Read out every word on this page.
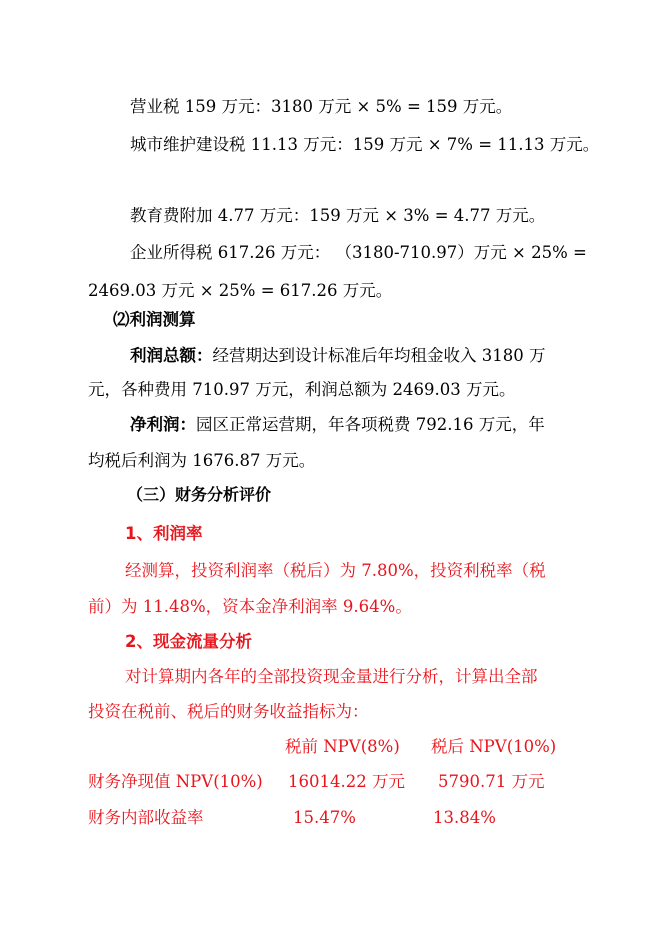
营业税 159 万元：3180 万元 × 5% = 159 万元。
城市维护建设税 11.13 万元：159 万元 × 7% = 11.13 万元。
教育费附加 4.77 万元：159 万元 × 3% = 4.77 万元。
企业所得税 617.26 万元： （3180-710.97）万元 × 25% =
2469.03 万元 × 25% = 617.26 万元。
⑵利润测算
利润总额：经营期达到设计标准后年均租金收入 3180 万
元，各种费用 710.97 万元，利润总额为 2469.03 万元。
净利润：园区正常运营期，年各项税费 792.16 万元，年
均税后利润为 1676.87 万元。
（三）财务分析评价
1、利润率
经测算，投资利润率（税后）为 7.80%，投资利税率（税
前）为 11.48%，资本金净利润率 9.64%。
2、现金流量分析
对计算期内各年的全部投资现金量进行分析，计算出全部
投资在税前、税后的财务收益指标为：
税前 NPV(8%) 税后 NPV(10%)
财务净现值 NPV(10%) 16014.22 万元 5790.71 万元
财务内部收益率	15.47%	13.84%
